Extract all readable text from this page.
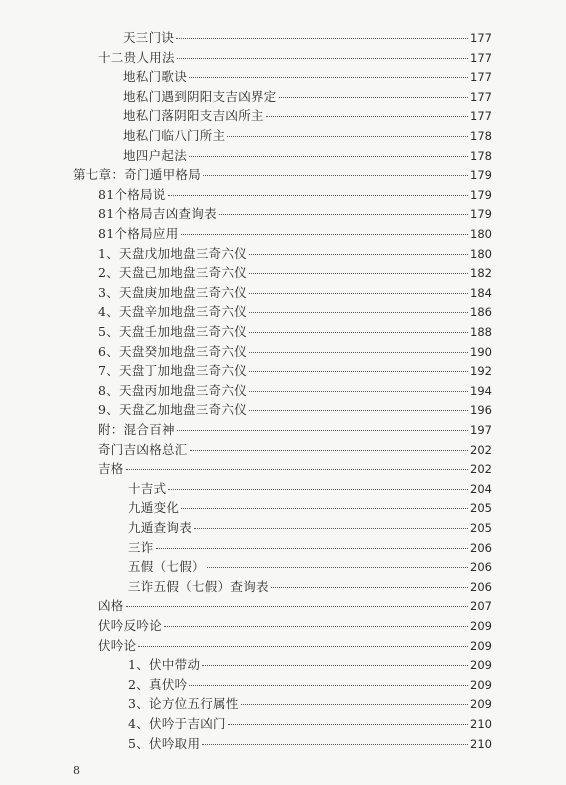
天三门诀	177
十二贵人用法	177
地私门歌诀	177
地私门遇到阴阳支吉凶界定	177
地私门落阴阳支吉凶所主	177
地私门临八门所主	178
地四户起法	178
第七章：奇门遁甲格局	179
81个格局说	179
81个格局吉凶查询表	179
81个格局应用	180
1、天盘戊加地盘三奇六仪	180
2、天盘己加地盘三奇六仪	182
3、天盘庚加地盘三奇六仪	184
4、天盘辛加地盘三奇六仪	186
5、天盘壬加地盘三奇六仪	188
6、天盘癸加地盘三奇六仪	190
7、天盘丁加地盘三奇六仪	192
8、天盘丙加地盘三奇六仪	194
9、天盘乙加地盘三奇六仪	196
附：混合百神	197
奇门吉凶格总汇	202
吉格	202
十吉式	204
九遁变化	205
九遁查询表	205
三诈	206
五假（七假）	206
三诈五假（七假）查询表	206
凶格	207
伏吟反吟论	209
伏吟论	209
1、伏中带动	209
2、真伏吟	209
3、论方位五行属性	209
4、伏吟于吉凶门	210
5、伏吟取用	210
8
